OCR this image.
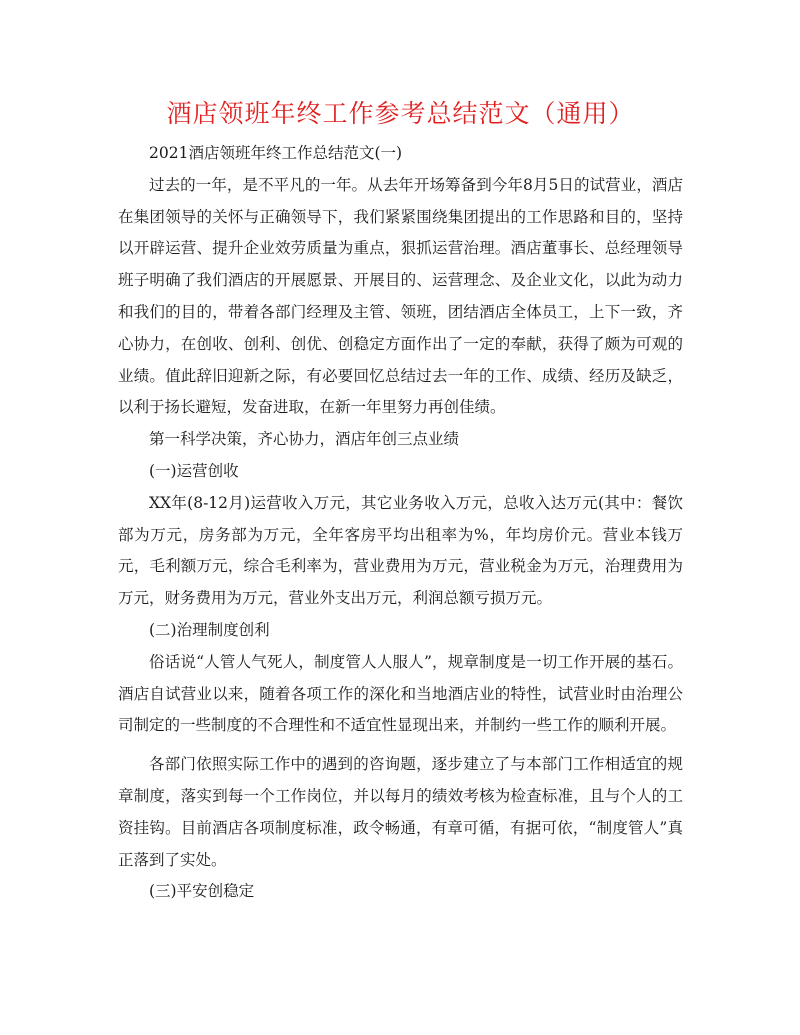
酒店领班年终工作参考总结范文（通用）

2021酒店领班年终工作总结范文(一)

过去的一年，是不平凡的一年。从去年开场筹备到今年8月5日的试营业，酒店在集团领导的关怀与正确领导下，我们紧紧围绕集团提出的工作思路和目的，坚持以开辟运营、提升企业效劳质量为重点，狠抓运营治理。酒店董事长、总经理领导班子明确了我们酒店的开展愿景、开展目的、运营理念、及企业文化，以此为动力和我们的目的，带着各部门经理及主管、领班，团结酒店全体员工，上下一致，齐心协力，在创收、创利、创优、创稳定方面作出了一定的奉献，获得了颇为可观的业绩。值此辞旧迎新之际，有必要回忆总结过去一年的工作、成绩、经历及缺乏，以利于扬长避短，发奋进取，在新一年里努力再创佳绩。

第一科学决策，齐心协力，酒店年创三点业绩

(一)运营创收

XX年(8-12月)运营收入万元，其它业务收入万元，总收入达万元(其中：餐饮部为万元，房务部为万元，全年客房平均出租率为%，年均房价元。营业本钱万元，毛利额万元，综合毛利率为，营业费用为万元，营业税金为万元，治理费用为万元，财务费用为万元，营业外支出万元，利润总额亏损万元。

(二)治理制度创利

俗话说“人管人气死人，制度管人人服人”，规章制度是一切工作开展的基石。酒店自试营业以来，随着各项工作的深化和当地酒店业的特性，试营业时由治理公司制定的一些制度的不合理性和不适宜性显现出来，并制约一些工作的顺利开展。

各部门依照实际工作中的遇到的咨询题，逐步建立了与本部门工作相适宜的规章制度，落实到每一个工作岗位，并以每月的绩效考核为检查标准，且与个人的工资挂钩。目前酒店各项制度标准，政令畅通，有章可循，有据可依，“制度管人”真正落到了实处。

(三)平安创稳定
